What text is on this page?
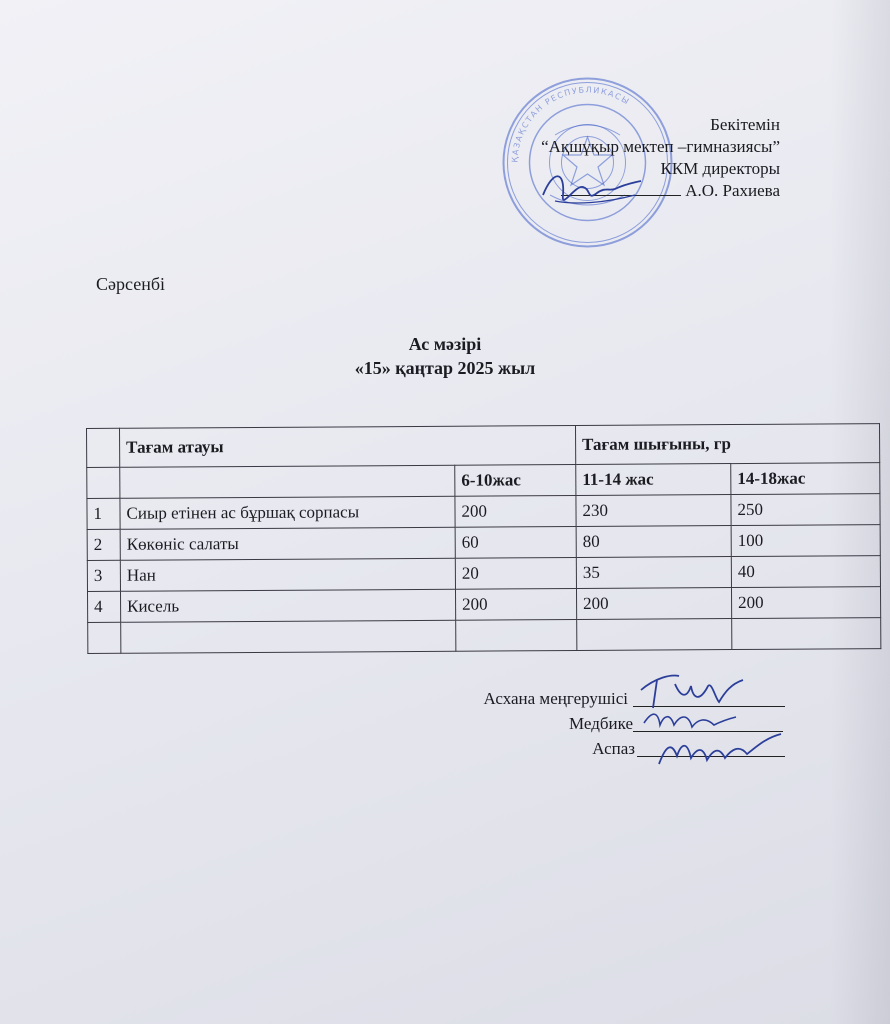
ҚАЗАҚСТАН РЕСПУБЛИКАСЫ
Бекітемін
“Ақшұқыр мектеп –гимназиясы”
ККМ директоры
А.О. Рахиева
Сәрсенбі
Ас мәзірі
«15» қаңтар 2025 жыл
	Тағам атауы		Тағам шығыны, гр	
		6-10жас	11-14 жас	14-18жас
1	Сиыр етінен ас бұршақ сорпасы	200	230	250
2	Көкөніс салаты	60	80	100
3	Нан	20	35	40
4	Кисель	200	200	200

Асхана меңгерушісі
Медбике
Аспаз
